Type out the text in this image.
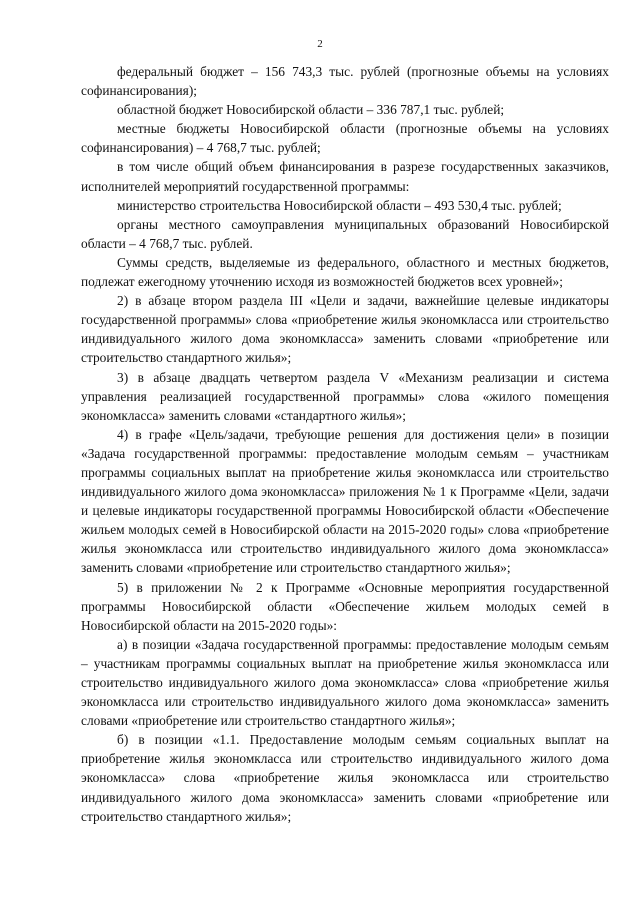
2

федеральный бюджет – 156 743,3 тыс. рублей (прогнозные объемы на условиях софинансирования);

областной бюджет Новосибирской области – 336 787,1 тыс. рублей;

местные бюджеты Новосибирской области (прогнозные объемы на условиях софинансирования) – 4 768,7 тыс. рублей;

в том числе общий объем финансирования в разрезе государственных заказчиков, исполнителей мероприятий государственной программы:

министерство строительства Новосибирской области – 493 530,4 тыс. рублей;

органы местного самоуправления муниципальных образований Новосибирской области – 4 768,7 тыс. рублей.

Суммы средств, выделяемые из федерального, областного и местных бюджетов, подлежат ежегодному уточнению исходя из возможностей бюджетов всех уровней»;

2) в абзаце втором раздела III «Цели и задачи, важнейшие целевые индикаторы государственной программы» слова «приобретение жилья экономкласса или строительство индивидуального жилого дома экономкласса» заменить словами «приобретение или строительство стандартного жилья»;

3) в абзаце двадцать четвертом раздела V «Механизм реализации и система управления реализацией государственной программы» слова «жилого помещения экономкласса» заменить словами «стандартного жилья»;

4) в графе «Цель/задачи, требующие решения для достижения цели» в позиции «Задача государственной программы: предоставление молодым семьям – участникам программы социальных выплат на приобретение жилья экономкласса или строительство индивидуального жилого дома экономкласса» приложения № 1 к Программе «Цели, задачи и целевые индикаторы государственной программы Новосибирской области «Обеспечение жильем молодых семей в Новосибирской области на 2015-2020 годы» слова «приобретение жилья экономкласса или строительство индивидуального жилого дома экономкласса» заменить словами «приобретение или строительство стандартного жилья»;

5) в приложении № 2 к Программе «Основные мероприятия государственной программы Новосибирской области «Обеспечение жильем молодых семей в Новосибирской области на 2015-2020 годы»:

а) в позиции «Задача государственной программы: предоставление молодым семьям – участникам программы социальных выплат на приобретение жилья экономкласса или строительство индивидуального жилого дома экономкласса» слова «приобретение жилья экономкласса или строительство индивидуального жилого дома экономкласса» заменить словами «приобретение или строительство стандартного жилья»;

б) в позиции «1.1. Предоставление молодым семьям социальных выплат на приобретение жилья экономкласса или строительство индивидуального жилого дома экономкласса» слова «приобретение жилья экономкласса или строительство индивидуального жилого дома экономкласса» заменить словами «приобретение или строительство стандартного жилья»;
